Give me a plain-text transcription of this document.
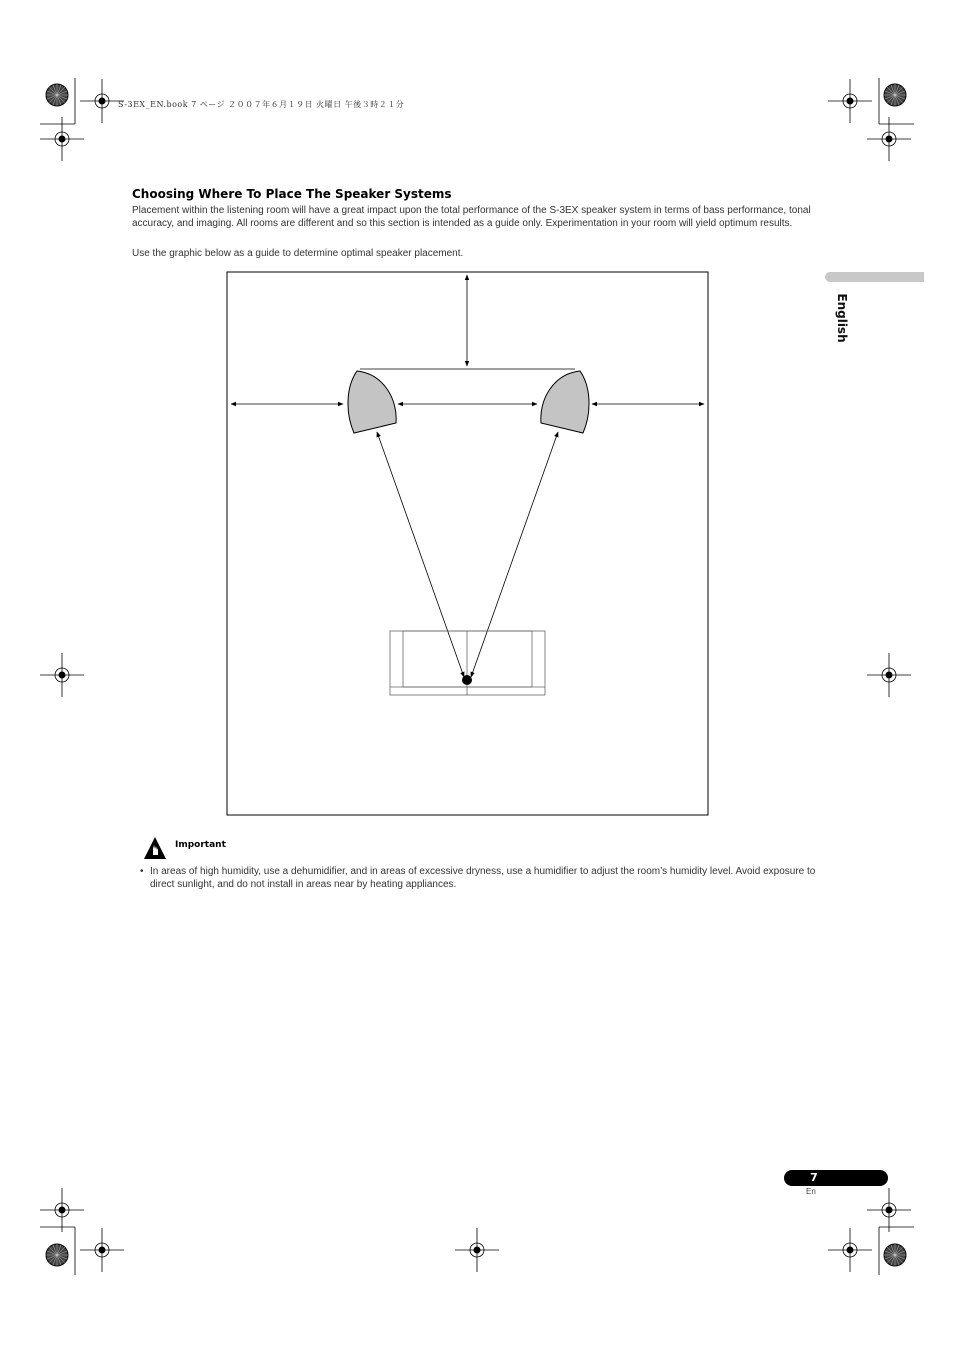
S-3EX_EN.book 7 ページ ２００７年６月１９日 火曜日 午後３時２１分
Choosing Where To Place The Speaker Systems

Placement within the listening room will have a great impact upon the total performance of the S-3EX speaker system in terms of bass performance, tonal accuracy, and imaging. All rooms are different and so this section is intended as a guide only. Experimentation in your room will yield optimum results.

Use the graphic below as a guide to determine optimal speaker placement.

English
Important
• In areas of high humidity, use a dehumidifier, and in areas of excessive dryness, use a humidifier to adjust the room’s humidity level. Avoid exposure to direct sunlight, and do not install in areas near by heating appliances.
7
En
